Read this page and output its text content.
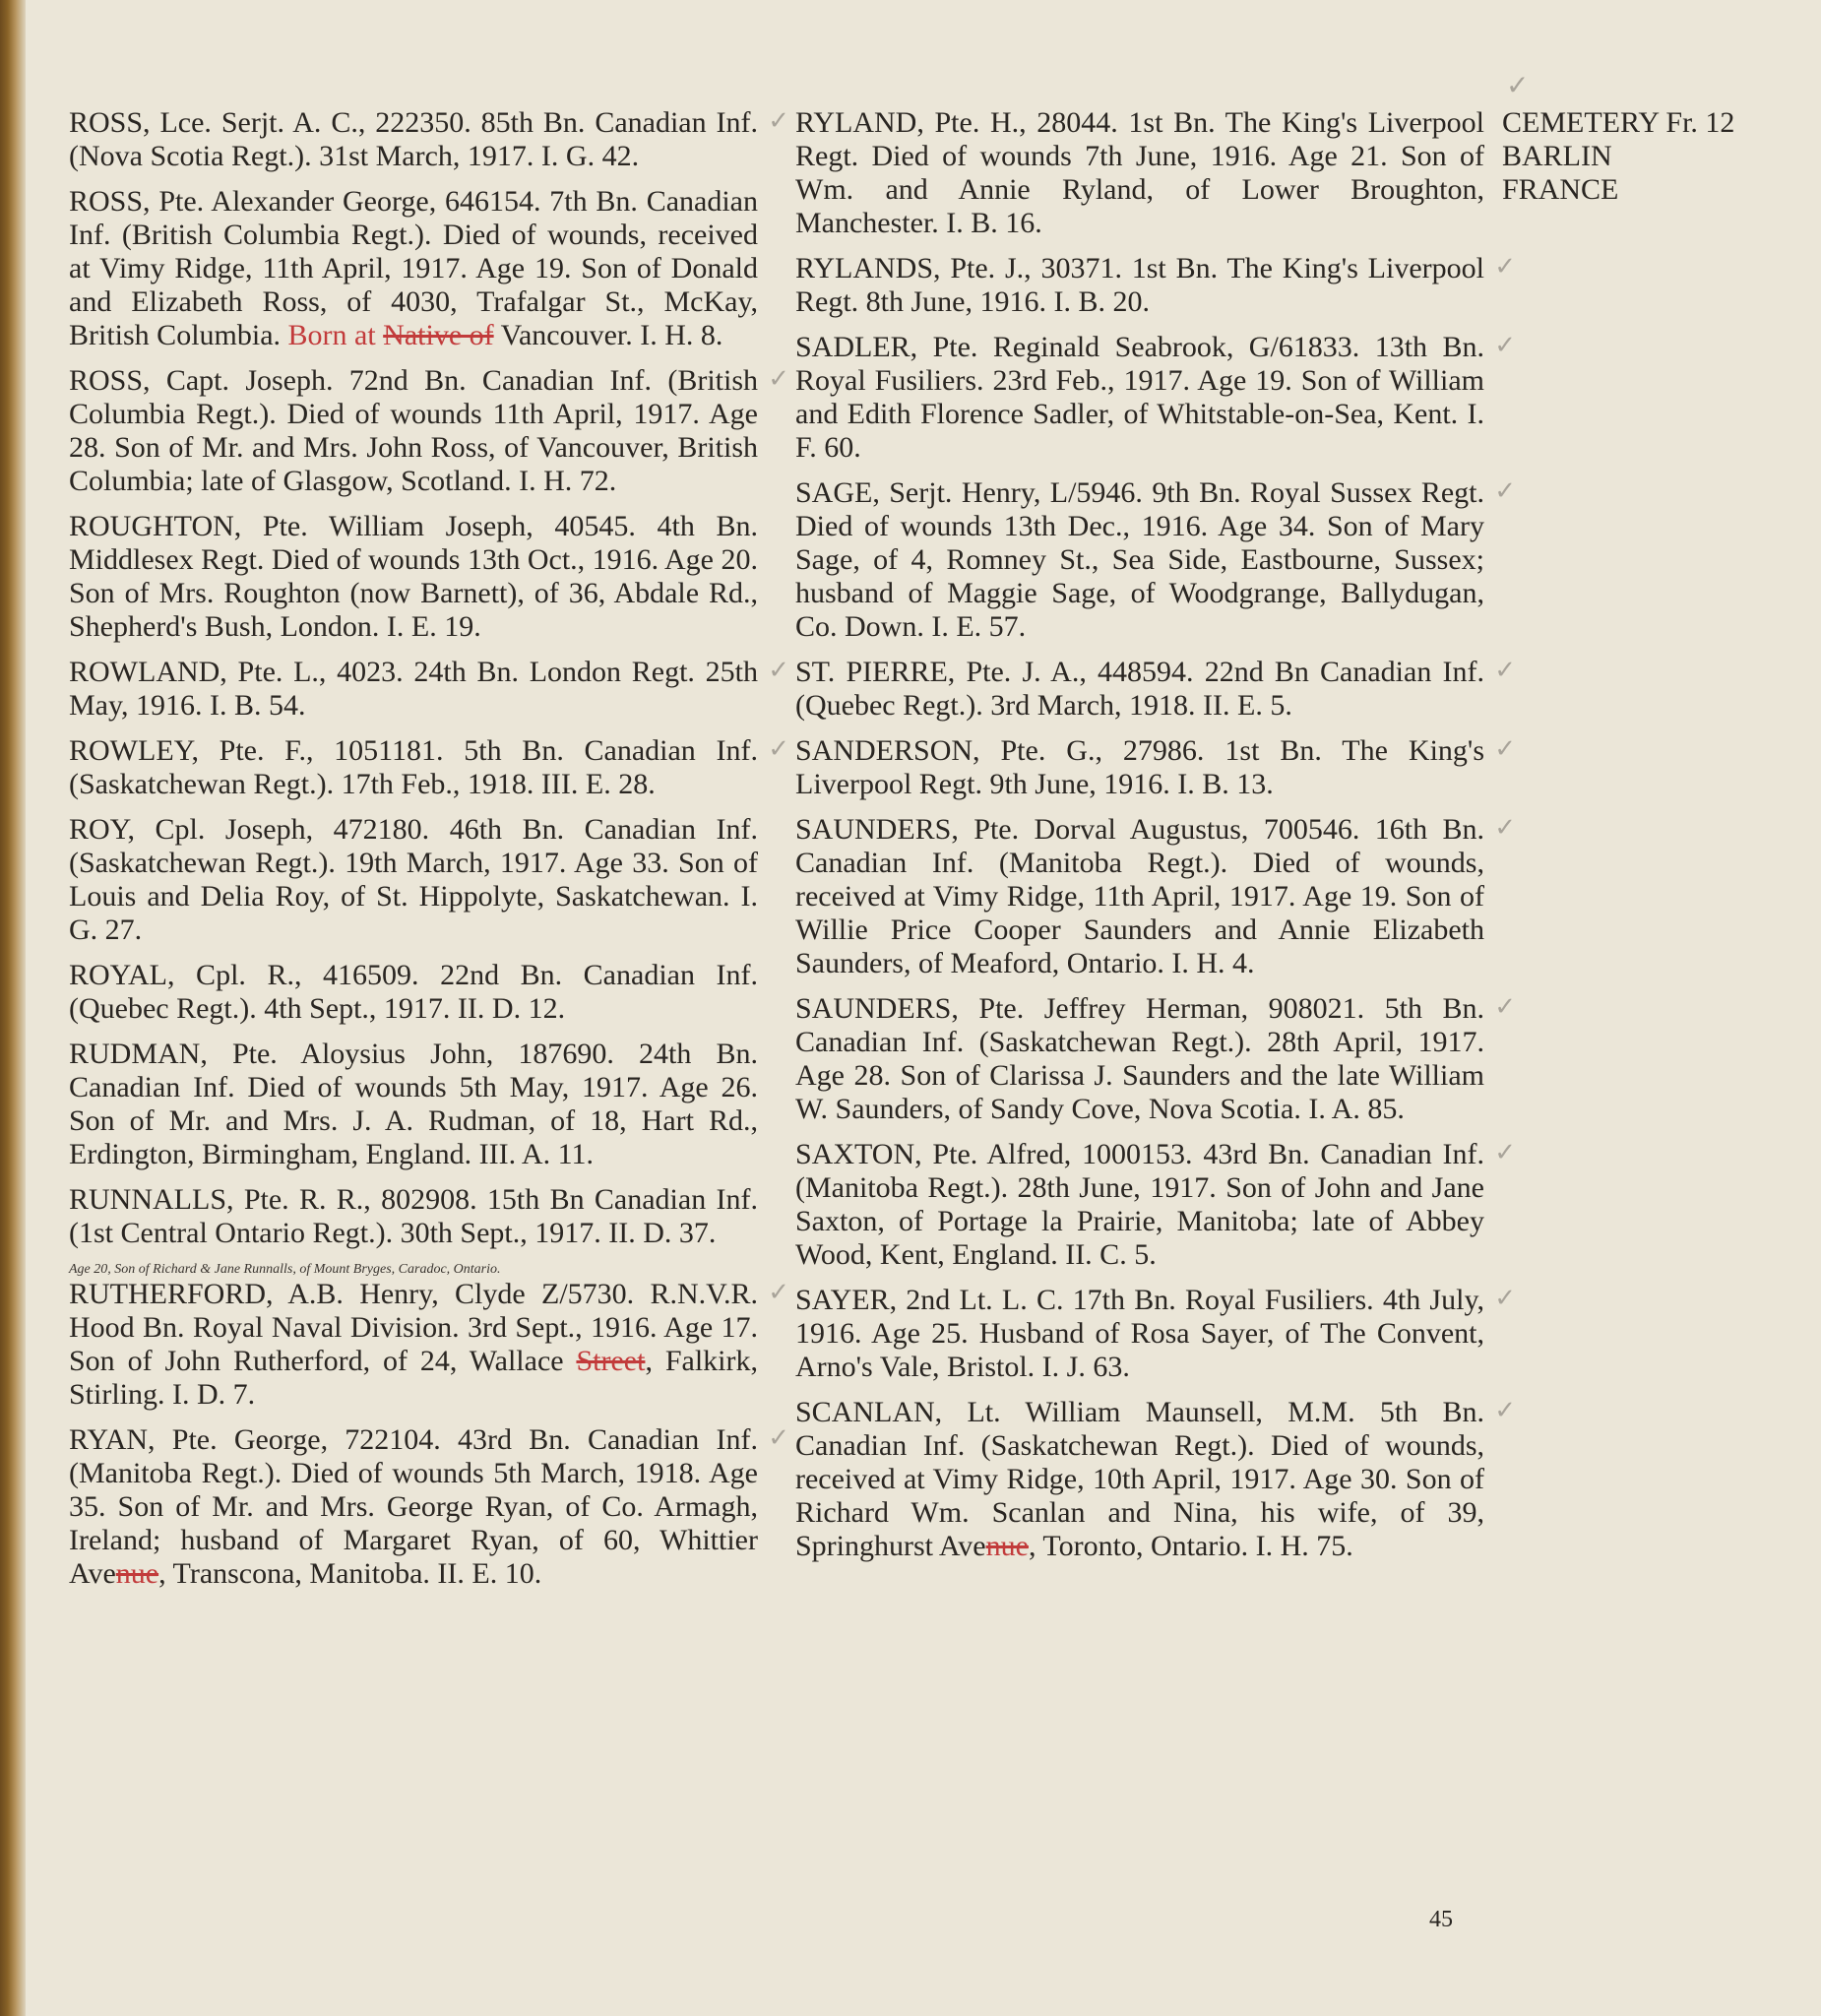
✓

ROSS, Lce. Serjt. A. C., 222350. 85th Bn. Canadian Inf. (Nova Scotia Regt.). 31st March, 1917. I. G. 42.
✓

ROSS, Pte. Alexander George, 646154. 7th Bn. Canadian Inf. (British Columbia Regt.). Died of wounds, received at Vimy Ridge, 11th April, 1917. Age 19. Son of Donald and Elizabeth Ross, of 4030, Trafalgar St., McKay, British Columbia. Born at Native of Vancouver. I. H. 8.

ROSS, Capt. Joseph. 72nd Bn. Canadian Inf. (British Columbia Regt.). Died of wounds 11th April, 1917. Age 28. Son of Mr. and Mrs. John Ross, of Vancouver, British Columbia; late of Glasgow, Scotland. I. H. 72.
✓

ROUGHTON, Pte. William Joseph, 40545. 4th Bn. Middlesex Regt. Died of wounds 13th Oct., 1916. Age 20. Son of Mrs. Roughton (now Barnett), of 36, Abdale Rd., Shepherd's Bush, London. I. E. 19.

ROWLAND, Pte. L., 4023. 24th Bn. London Regt. 25th May, 1916. I. B. 54.
✓

ROWLEY, Pte. F., 1051181. 5th Bn. Canadian Inf. (Saskatchewan Regt.). 17th Feb., 1918. III. E. 28.
✓

ROY, Cpl. Joseph, 472180. 46th Bn. Canadian Inf. (Saskatchewan Regt.). 19th March, 1917. Age 33. Son of Louis and Delia Roy, of St. Hippolyte, Saskatchewan. I. G. 27.

ROYAL, Cpl. R., 416509. 22nd Bn. Canadian Inf. (Quebec Regt.). 4th Sept., 1917. II. D. 12.

RUDMAN, Pte. Aloysius John, 187690. 24th Bn. Canadian Inf. Died of wounds 5th May, 1917. Age 26. Son of Mr. and Mrs. J. A. Rudman, of 18, Hart Rd., Erdington, Birmingham, England. III. A. 11.

RUNNALLS, Pte. R. R., 802908. 15th Bn Canadian Inf. (1st Central Ontario Regt.). 30th Sept., 1917. II. D. 37.

Age 20, Son of Richard & Jane Runnalls, of Mount Bryges, Caradoc, Ontario.

RUTHERFORD, A.B. Henry, Clyde Z/5730. R.N.V.R. Hood Bn. Royal Naval Division. 3rd Sept., 1916. Age 17. Son of John Rutherford, of 24, Wallace Street, Falkirk, Stirling. I. D. 7.
✓

RYAN, Pte. George, 722104. 43rd Bn. Canadian Inf. (Manitoba Regt.). Died of wounds 5th March, 1918. Age 35. Son of Mr. and Mrs. George Ryan, of Co. Armagh, Ireland; husband of Margaret Ryan, of 60, Whittier Avenue, Transcona, Manitoba. II. E. 10.
✓

RYLAND, Pte. H., 28044. 1st Bn. The King's Liverpool Regt. Died of wounds 7th June, 1916. Age 21. Son of Wm. and Annie Ryland, of Lower Broughton, Manchester. I. B. 16.

RYLANDS, Pte. J., 30371. 1st Bn. The King's Liverpool Regt. 8th June, 1916. I. B. 20.
✓

SADLER, Pte. Reginald Seabrook, G/61833. 13th Bn. Royal Fusiliers. 23rd Feb., 1917. Age 19. Son of William and Edith Florence Sadler, of Whitstable-on-Sea, Kent. I. F. 60.
✓

SAGE, Serjt. Henry, L/5946. 9th Bn. Royal Sussex Regt. Died of wounds 13th Dec., 1916. Age 34. Son of Mary Sage, of 4, Romney St., Sea Side, Eastbourne, Sussex; husband of Maggie Sage, of Woodgrange, Ballydugan, Co. Down. I. E. 57.
✓

ST. PIERRE, Pte. J. A., 448594. 22nd Bn Canadian Inf. (Quebec Regt.). 3rd March, 1918. II. E. 5.
✓

SANDERSON, Pte. G., 27986. 1st Bn. The King's Liverpool Regt. 9th June, 1916. I. B. 13.
✓

SAUNDERS, Pte. Dorval Augustus, 700546. 16th Bn. Canadian Inf. (Manitoba Regt.). Died of wounds, received at Vimy Ridge, 11th April, 1917. Age 19. Son of Willie Price Cooper Saunders and Annie Elizabeth Saunders, of Meaford, Ontario. I. H. 4.
✓

SAUNDERS, Pte. Jeffrey Herman, 908021. 5th Bn. Canadian Inf. (Saskatchewan Regt.). 28th April, 1917. Age 28. Son of Clarissa J. Saunders and the late William W. Saunders, of Sandy Cove, Nova Scotia. I. A. 85.
✓

SAXTON, Pte. Alfred, 1000153. 43rd Bn. Canadian Inf. (Manitoba Regt.). 28th June, 1917. Son of John and Jane Saxton, of Portage la Prairie, Manitoba; late of Abbey Wood, Kent, England. II. C. 5.
✓

SAYER, 2nd Lt. L. C. 17th Bn. Royal Fusiliers. 4th July, 1916. Age 25. Husband of Rosa Sayer, of The Convent, Arno's Vale, Bristol. I. J. 63.
✓

SCANLAN, Lt. William Maunsell, M.M. 5th Bn. Canadian Inf. (Saskatchewan Regt.). Died of wounds, received at Vimy Ridge, 10th April, 1917. Age 30. Son of Richard Wm. Scanlan and Nina, his wife, of 39, Springhurst Avenue, Toronto, Ontario. I. H. 75.
✓

CEMETERY Fr. 12
BARLIN
FRANCE
45
